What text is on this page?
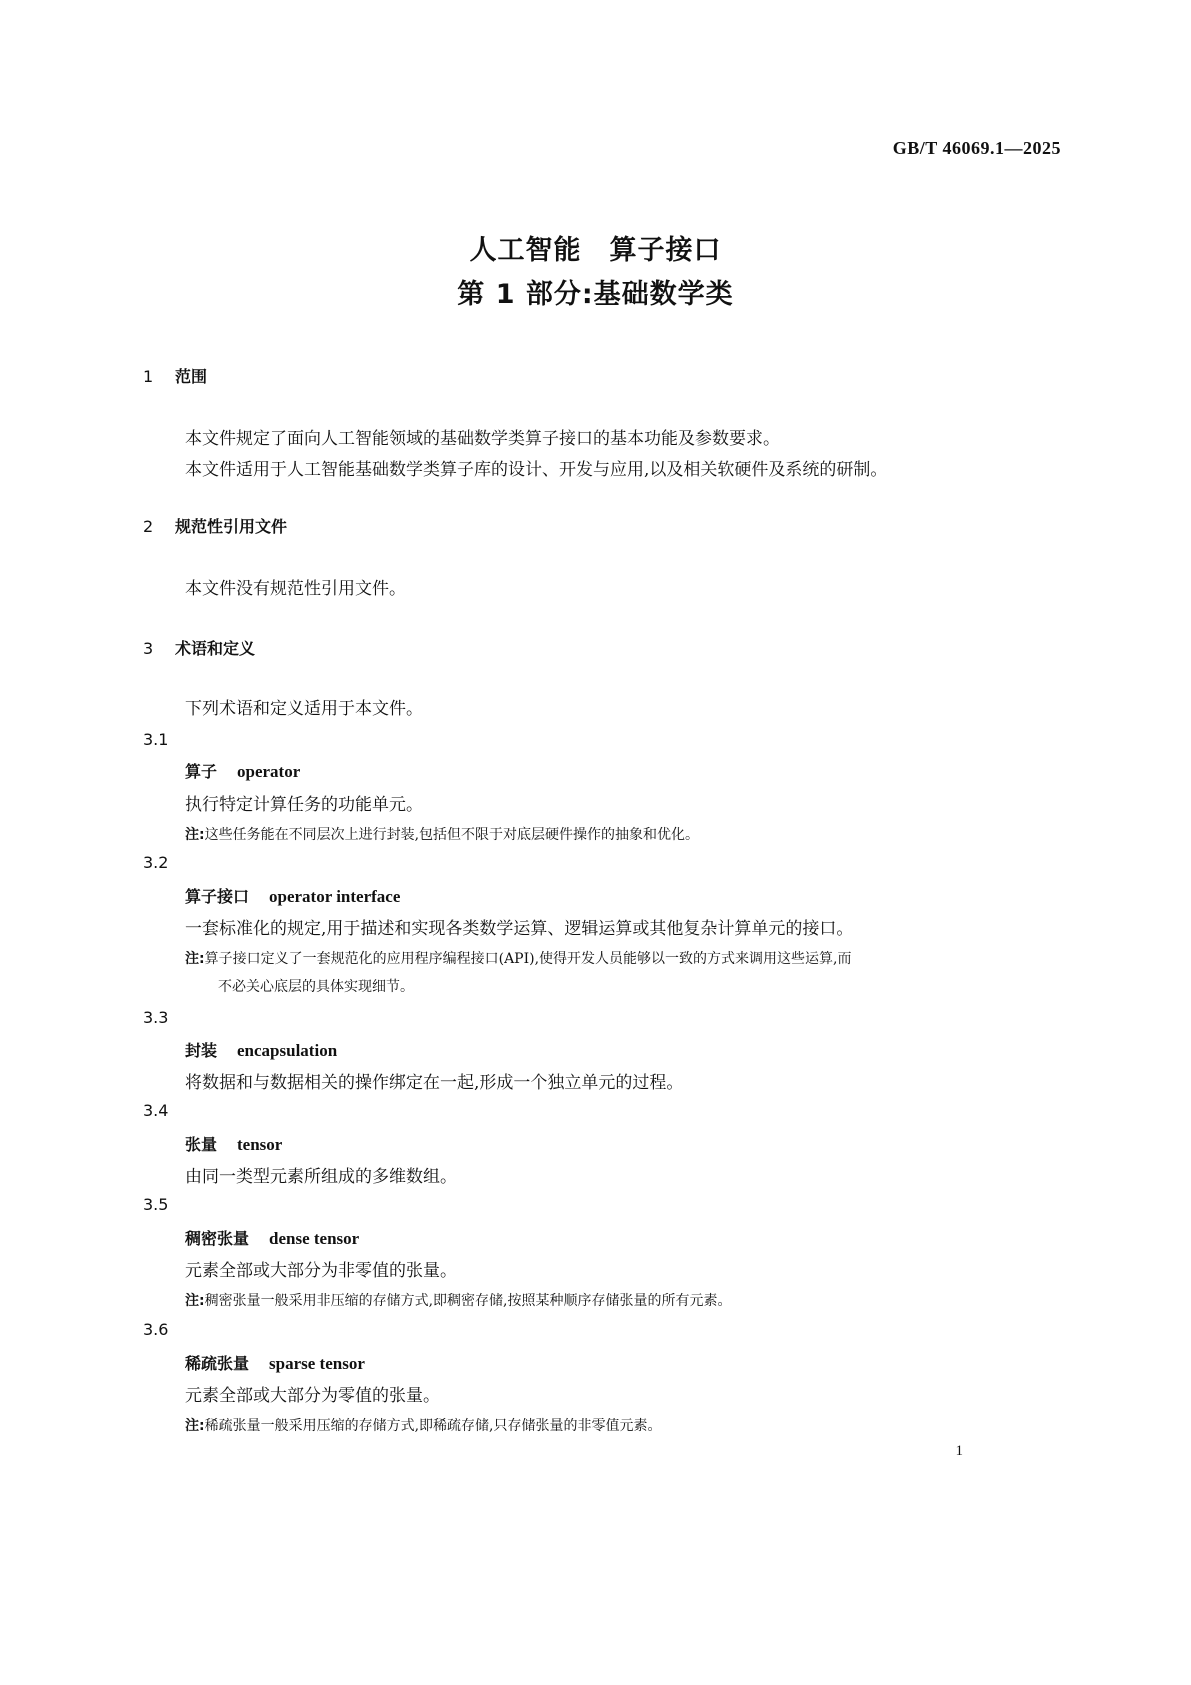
GB/T 46069.1—2025
人工智能　算子接口
第 1 部分:基础数学类
1 范围
本文件规定了面向人工智能领域的基础数学类算子接口的基本功能及参数要求。
本文件适用于人工智能基础数学类算子库的设计、开发与应用,以及相关软硬件及系统的研制。
2 规范性引用文件
本文件没有规范性引用文件。
3 术语和定义
下列术语和定义适用于本文件。
3.1
算子 operator
执行特定计算任务的功能单元。
注:这些任务能在不同层次上进行封装,包括但不限于对底层硬件操作的抽象和优化。
3.2
算子接口 operator interface
一套标准化的规定,用于描述和实现各类数学运算、逻辑运算或其他复杂计算单元的接口。
注:算子接口定义了一套规范化的应用程序编程接口(API),使得开发人员能够以一致的方式来调用这些运算,而
不必关心底层的具体实现细节。
3.3
封装 encapsulation
将数据和与数据相关的操作绑定在一起,形成一个独立单元的过程。
3.4
张量 tensor
由同一类型元素所组成的多维数组。
3.5
稠密张量 dense tensor
元素全部或大部分为非零值的张量。
注:稠密张量一般采用非压缩的存储方式,即稠密存储,按照某种顺序存储张量的所有元素。
3.6
稀疏张量 sparse tensor
元素全部或大部分为零值的张量。
注:稀疏张量一般采用压缩的存储方式,即稀疏存储,只存储张量的非零值元素。
1
